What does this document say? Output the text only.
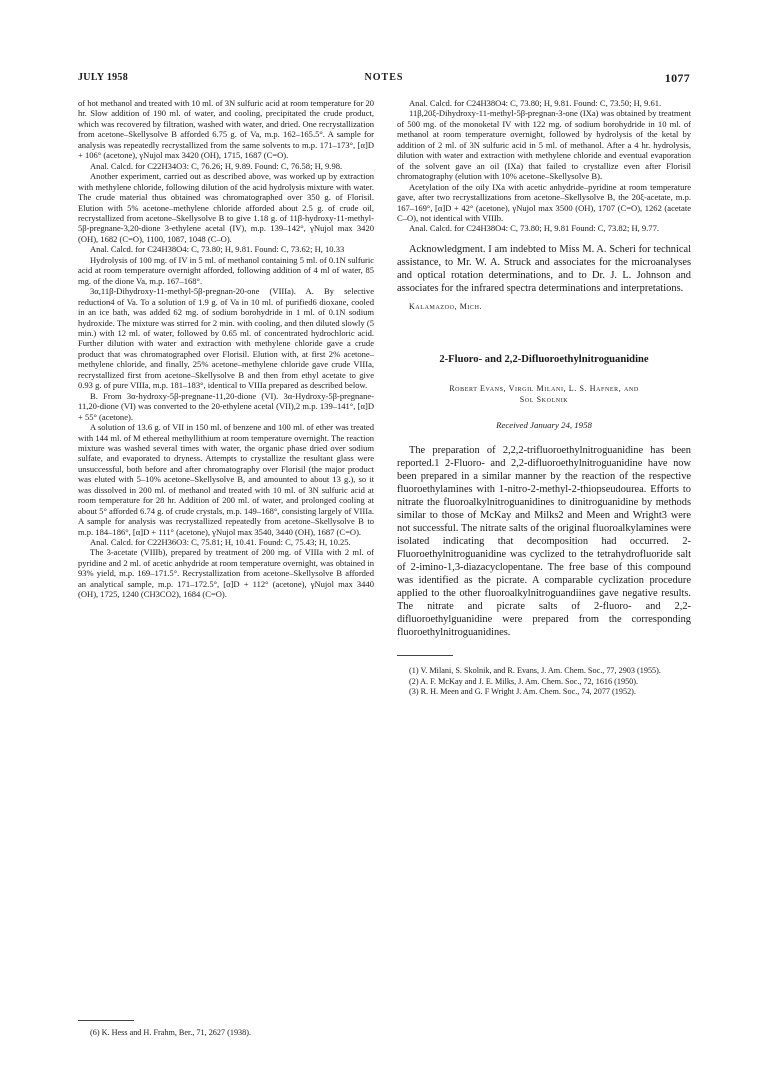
JULY 1958	NOTES	1077

of hot methanol and treated with 10 ml. of 3N sulfuric acid at room temperature for 20 hr. Slow addition of 190 ml. of water, and cooling, precipitated the crude product, which was recovered by filtration, washed with water, and dried. One recrystallization from acetone–Skellysolve B afforded 6.75 g. of Va, m.p. 162–165.5°. A sample for analysis was repeatedly recrystallized from the same solvents to m.p. 171–173°, [α]D + 106° (acetone), γNujol max 3420 (OH), 1715, 1687 (C=O).

Anal. Calcd. for C22H34O3: C, 76.26; H, 9.89. Found: C, 76.58; H, 9.98.

Another experiment, carried out as described above, was worked up by extraction with methylene chloride, following dilution of the acid hydrolysis mixture with water. The crude material thus obtained was chromatographed over 350 g. of Florisil. Elution with 5% acetone–methylene chloride afforded about 2.5 g. of crude oil, recrystallized from acetone–Skellysolve B to give 1.18 g. of 11β-hydroxy-11-methyl-5β-pregnane-3,20-dione 3-ethylene acetal (IV), m.p. 139–142°, γNujol max 3420 (OH), 1682 (C=O), 1100, 1087, 1048 (C–O).

Anal. Calcd. for C24H38O4: C, 73.80; H, 9.81. Found: C, 73.62; H, 10.33

Hydrolysis of 100 mg. of IV in 5 ml. of methanol containing 5 ml. of 0.1N sulfuric acid at room temperature overnight afforded, following addition of 4 ml of water, 85 mg. of the dione Va, m.p. 167–168°.

3α,11β-Dihydroxy-11-methyl-5β-pregnan-20-one (VIIIa). A. By selective reduction4 of Va. To a solution of 1.9 g. of Va in 10 ml. of purified6 dioxane, cooled in an ice bath, was added 62 mg. of sodium borohydride in 1 ml. of 0.1N sodium hydroxide. The mixture was stirred for 2 min. with cooling, and then diluted slowly (5 min.) with 12 ml. of water, followed by 0.65 ml. of concentrated hydrochloric acid. Further dilution with water and extraction with methylene chloride gave a crude product that was chromatographed over Florisil. Elution with, at first 2% acetone–methylene chloride, and finally, 25% acetone–methylene chloride gave crude VIIIa, recrystallized first from acetone–Skellysolve B and then from ethyl acetate to give 0.93 g. of pure VIIIa, m.p. 181–183°, identical to VIIIa prepared as described below.

B. From 3α-hydroxy-5β-pregnane-11,20-dione (VI). 3α-Hydroxy-5β-pregnane-11,20-dione (VI) was converted to the 20-ethylene acetal (VII),2 m.p. 139–141°, [α]D + 55° (acetone).

A solution of 13.6 g. of VII in 150 ml. of benzene and 100 ml. of ether was treated with 144 ml. of M ethereal methyllithium at room temperature overnight. The reaction mixture was washed several times with water, the organic phase dried over sodium sulfate, and evaporated to dryness. Attempts to crystallize the resultant glass were unsuccessful, both before and after chromatography over Florisil (the major product was eluted with 5–10% acetone–Skellysolve B, and amounted to about 13 g.), so it was dissolved in 200 ml. of methanol and treated with 10 ml. of 3N sulfuric acid at room temperature for 28 hr. Addition of 200 ml. of water, and prolonged cooling at about 5° afforded 6.74 g. of crude crystals, m.p. 149–168°, consisting largely of VIIIa. A sample for analysis was recrystallized repeatedly from acetone–Skellysolve B to m.p. 184–186°, [α]D + 111° (acetone), γNujol max 3540, 3440 (OH), 1687 (C=O).

Anal. Calcd. for C22H36O3: C, 75.81; H, 10.41. Found: C, 75.43; H, 10.25.

The 3-acetate (VIIIb), prepared by treatment of 200 mg. of VIIIa with 2 ml. of pyridine and 2 ml. of acetic anhydride at room temperature overnight, was obtained in 93% yield, m.p. 169–171.5°. Recrystallization from acetone–Skellysolve B afforded an analytical sample, m.p. 171–172.5°, [α]D + 112° (acetone), γNujol max 3440 (OH), 1725, 1240 (CH3CO2), 1684 (C=O).

(6) K. Hess and H. Frahm, Ber., 71, 2627 (1938).

Anal. Calcd. for C24H38O4: C, 73.80; H, 9.81. Found: C, 73.50; H, 9.61.

11β,20ξ-Dihydroxy-11-methyl-5β-pregnan-3-one (IXa) was obtained by treatment of 500 mg. of the monoketal IV with 122 mg. of sodium borohydride in 10 ml. of methanol at room temperature overnight, followed by hydrolysis of the ketal by addition of 2 ml. of 3N sulfuric acid in 5 ml. of methanol. After a 4 hr. hydrolysis, dilution with water and extraction with methylene chloride and eventual evaporation of the solvent gave an oil (IXa) that failed to crystallize even after Florisil chromatography (elution with 10% acetone–Skellysolve B).

Acetylation of the oily IXa with acetic anhydride–pyridine at room temperature gave, after two recrystallizations from acetone–Skellysolve B, the 20ξ-acetate, m.p. 167–169°, [α]D + 42° (acetone), γNujol max 3500 (OH), 1707 (C=O), 1262 (acetate C–O), not identical with VIIIb.

Anal. Calcd. for C24H38O4: C, 73.80; H, 9.81 Found: C, 73.82; H, 9.77.

Acknowledgment. I am indebted to Miss M. A. Scheri for technical assistance, to Mr. W. A. Struck and associates for the microanalyses and optical rotation determinations, and to Dr. J. L. Johnson and associates for the infrared spectra determinations and interpretations.
Kalamazoo, Mich.
2-Fluoro- and 2,2-Difluoroethylnitroguanidine
Robert Evans, Virgil Milani, L. S. Hafner, and
Sol Skolnik
Received January 24, 1958
The preparation of 2,2,2-trifluoroethylnitroguanidine has been reported.1 2-Fluoro- and 2,2-difluoroethylnitroguanidine have now been prepared in a similar manner by the reaction of the respective fluoroethylamines with 1-nitro-2-methyl-2-thiopseudourea. Efforts to nitrate the fluoroalkylnitroguanidines to dinitroguanidine by methods similar to those of McKay and Milks2 and Meen and Wright3 were not successful. The nitrate salts of the original fluoroalkylamines were isolated indicating that decomposition had occurred. 2-Fluoroethylnitroguanidine was cyclized to the tetrahydrofluoride salt of 2-imino-1,3-diazacyclopentane. The free base of this compound was identified as the picrate. A comparable cyclization procedure applied to the other fluoroalkylnitroguandiines gave negative results. The nitrate and picrate salts of 2-fluoro- and 2,2-difluoroethylguanidine were prepared from the corresponding fluoroethylnitroguanidines.

(1) V. Milani, S. Skolnik, and R. Evans, J. Am. Chem. Soc., 77, 2903 (1955).

(2) A. F. McKay and J. E. Milks, J. Am. Chem. Soc., 72, 1616 (1950).

(3) R. H. Meen and G. F Wright J. Am. Chem. Soc., 74, 2077 (1952).
